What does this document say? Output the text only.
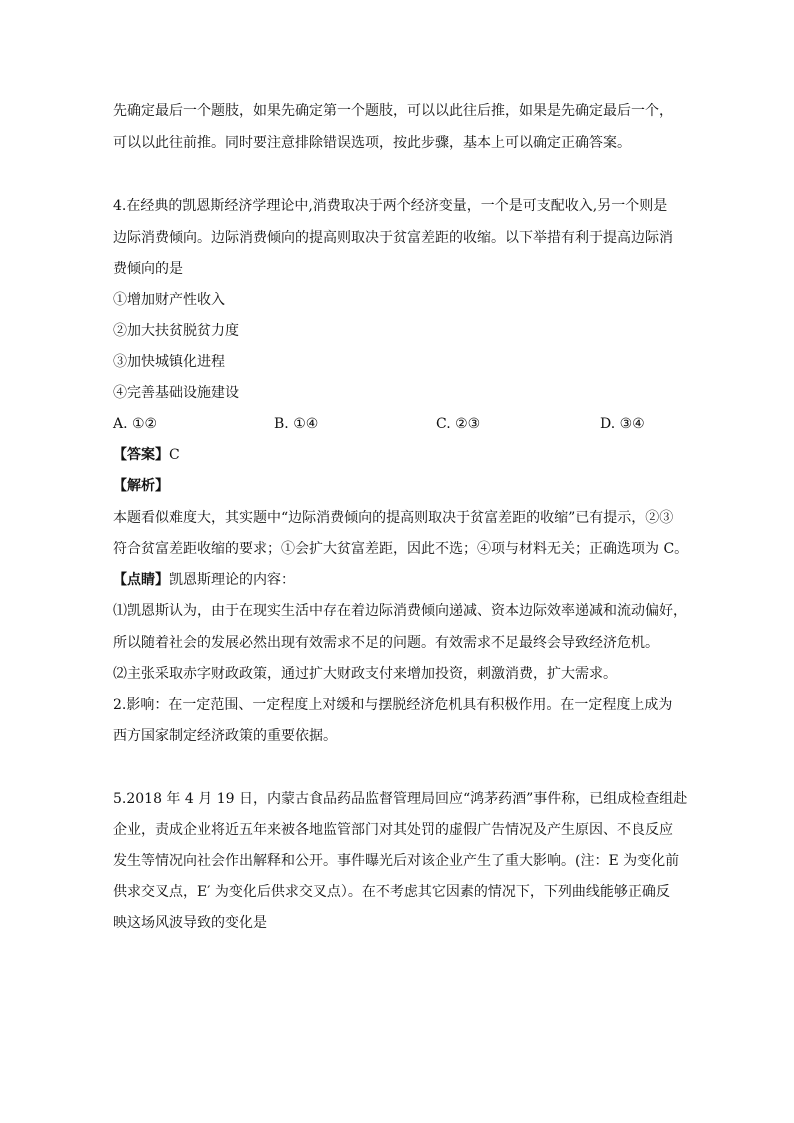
先确定最后一个题肢，如果先确定第一个题肢，可以以此往后推，如果是先确定最后一个，
可以以此往前推。同时要注意排除错误选项，按此步骤，基本上可以确定正确答案。
4.在经典的凯恩斯经济学理论中,消费取决于两个经济变量，一个是可支配收入,另一个则是
边际消费倾向。边际消费倾向的提高则取决于贫富差距的收缩。以下举措有利于提高边际消
费倾向的是
①增加财产性收入
②加大扶贫脱贫力度
③加快城镇化进程
④完善基础设施建设
A. ①②	B. ①④	C. ②③	D. ③④
【答案】C
【解析】
本题看似难度大，其实题中“边际消费倾向的提高则取决于贫富差距的收缩”已有提示，②③
符合贫富差距收缩的要求；①会扩大贫富差距，因此不选；④项与材料无关；正确选项为 C。
【点睛】凯恩斯理论的内容：
⑴凯恩斯认为，由于在现实生活中存在着边际消费倾向递减、资本边际效率递减和流动偏好，
所以随着社会的发展必然出现有效需求不足的问题。有效需求不足最终会导致经济危机。
⑵主张采取赤字财政政策，通过扩大财政支付来增加投资，刺激消费，扩大需求。
2.影响：在一定范围、一定程度上对缓和与摆脱经济危机具有积极作用。在一定程度上成为
西方国家制定经济政策的重要依据。
5.2018 年 4 月 19 日，内蒙古食品药品监督管理局回应“鸿茅药酒”事件称，已组成检查组赴
企业，责成企业将近五年来被各地监管部门对其处罚的虚假广告情况及产生原因、不良反应
发生等情况向社会作出解释和公开。事件曝光后对该企业产生了重大影响。(注：E 为变化前
供求交叉点，E′ 为变化后供求交叉点）。在不考虑其它因素的情况下，下列曲线能够正确反
映这场风波导致的变化是
